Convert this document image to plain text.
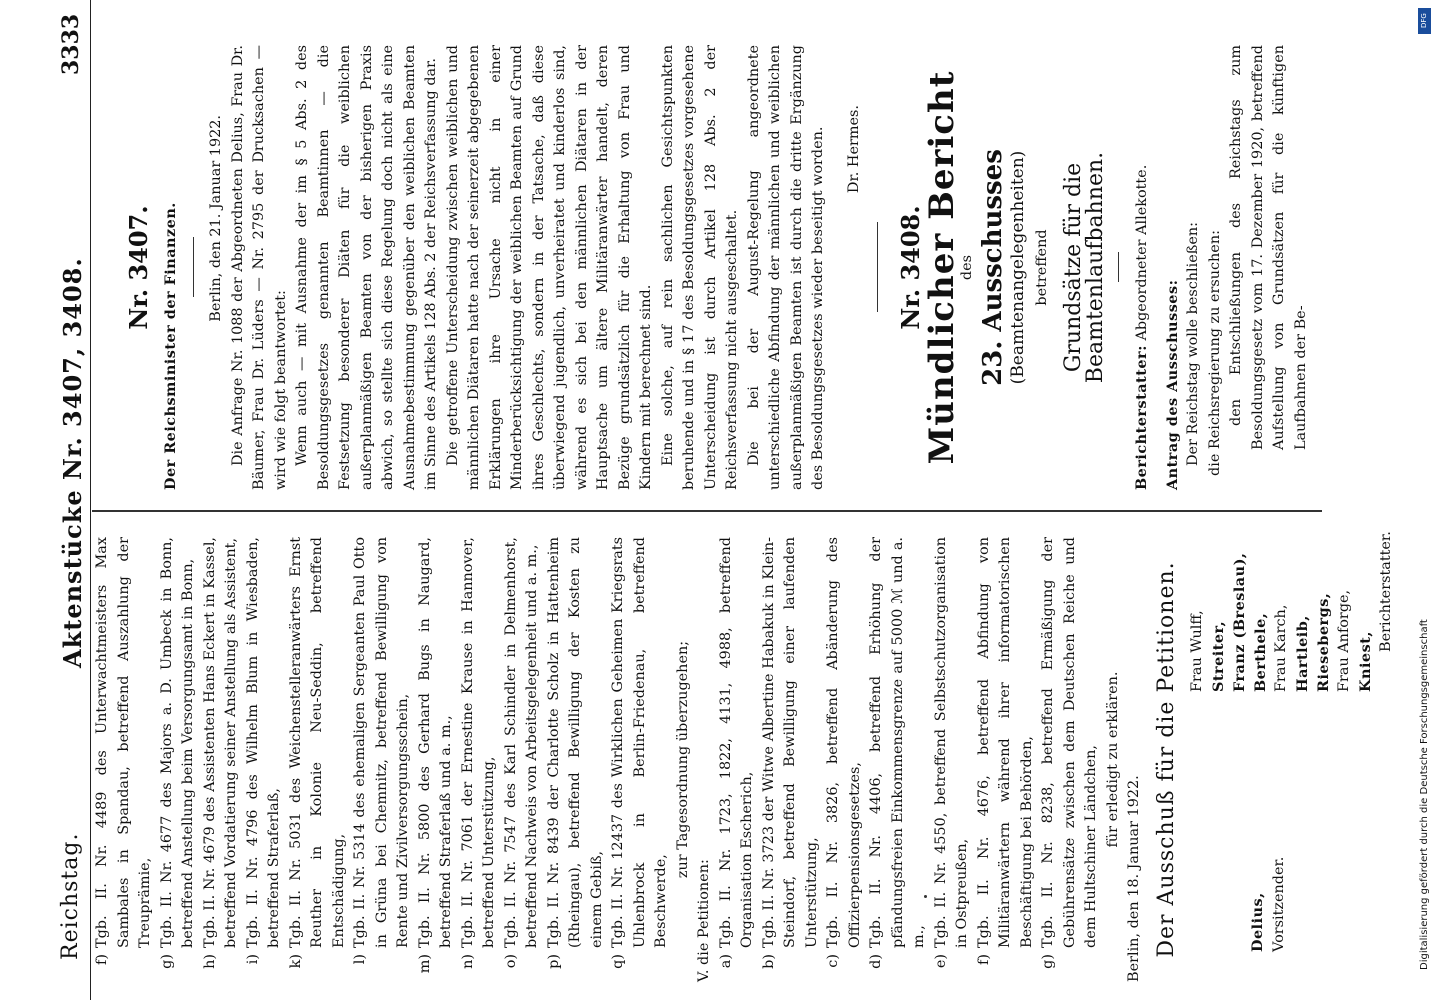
Reichstag.
Aktenstücke Nr. 3407, 3408.
3333
f)
Tgb. II. Nr. 4489 des Unterwachtmeisters Max Sambales in Spandau, betreffend Auszahlung der Treuprämie,
g)
Tgb. II. Nr. 4677 des Majors a. D. Umbeck in Bonn, betreffend Anstellung beim Versorgungsamt in Bonn,
h)
Tgb. II. Nr. 4679 des Assistenten Hans Eckert in Kassel, betreffend Vordatierung seiner Anstellung als Assistent,
i)
Tgb. II. Nr. 4796 des Wilhelm Blum in Wiesbaden, betreffend Straferlaß,
k)
Tgb. II. Nr. 5031 des Weichenstelleranwärters Ernst Reuther in Kolonie Neu-Seddin, betreffend Entschädigung,
l)
Tgb. II. Nr. 5314 des ehemaligen Sergeanten Paul Otto in Grüna bei Chemnitz, betreffend Bewilligung von Rente und Zivilversorgungsschein,
m)
Tgb. II. Nr. 5800 des Gerhard Bugs in Naugard, betreffend Straferlaß und a. m.,
n)
Tgb. II. Nr. 7061 der Ernestine Krause in Hannover, betreffend Unterstützung,
o)
Tgb. II. Nr. 7547 des Karl Schindler in Delmenhorst, betreffend Nachweis von Arbeitsgelegenheit und a. m.,
p)
Tgb. II. Nr. 8439 der Charlotte Scholz in Hattenheim (Rheingau), betreffend Bewilligung der Kosten zu einem Gebiß,
q)
Tgb. II. Nr. 12437 des Wirklichen Geheimen Kriegsrats Uhlenbrock in Berlin-Friedenau, betreffend Beschwerde,

zur Tagesordnung überzugehen;

V. die Petitionen: a)
Tgb. II. Nr. 1723, 1822, 4131, 4988, betreffend Organisation Escherich,
b)
Tgb. II. Nr. 3723 der Witwe Albertine Habakuk in Klein-Steindorf, betreffend Bewilligung einer laufenden Unterstützung,
c)
Tgb. II. Nr. 3826, betreffend Abänderung des Offizierpensionsgesetzes,
d)
Tgb. II. Nr. 4406, betreffend Erhöhung der pfändungsfreien Einkommensgrenze auf 5000 ℳ und a. m.,
e)
Tgb. II. Nr. 4550, betreffend Selbstschutzorganisation in Ostpreußen,
f)
Tgb. II. Nr. 4676, betreffend Abfindung von Militäranwärtern während ihrer informatorischen Beschäftigung bei Behörden,
g)
Tgb. II. Nr. 8238, betreffend Ermäßigung der Gebührensätze zwischen dem Deutschen Reiche und dem Hultschiner Ländchen, für erledigt zu erklären.

Berlin, den 18. Januar 1922. Der Ausschuß für die Petitionen. Frau Wulff, Streiter, Franz (Breslau), Berthele, Frau Karch, Hartleib, Riesebergs, Frau Anforge, Kniest,
Berichterstatter.
Delius, Vorsitzender.

Nr. 3407. Der Reichsminister der Finanzen. Berlin, den 21. Januar 1922. Die Anfrage Nr. 1088 der Abgeordneten Delius, Frau Dr. Bäumer, Frau Dr. Lüders — Nr. 2795 der Drucksachen — wird wie folgt beantwortet: Wenn auch — mit Ausnahme der im § 5 Abs. 2 des Besoldungsgesetzes genannten Beamtinnen — die Festsetzung besonderer Diäten für die weiblichen außerplanmäßigen Beamten von der bisherigen Praxis abwich, so stellte sich diese Regelung doch nicht als eine Ausnahmebestimmung gegenüber den weiblichen Beamten im Sinne des Artikels 128 Abs. 2 der Reichsverfassung dar. Die getroffene Unterscheidung zwischen weiblichen und männlichen Diätaren hatte nach der seinerzeit abgegebenen Erklärungen ihre Ursache nicht in einer Minderberücksichtigung der weiblichen Beamten auf Grund ihres Geschlechts, sondern in der Tatsache, daß diese überwiegend jugendlich, unverheiratet und kinderlos sind, während es sich bei den männlichen Diätaren in der Hauptsache um ältere Militäranwärter handelt, deren Bezüge grundsätzlich für die Erhaltung von Frau und Kindern mit berechnet sind. Eine solche, auf rein sachlichen Gesichtspunkten beruhende und in § 17 des Besoldungsgesetzes vorgesehene Unterscheidung ist durch Artikel 128 Abs. 2 der Reichsverfassung nicht ausgeschaltet. Die bei der August-Regelung angeordnete unterschiedliche Abfindung der männlichen und weiblichen außerplanmäßigen Beamten ist durch die dritte Ergänzung des Besoldungsgesetzes wieder beseitigt worden. Dr. Hermes.

Nr. 3408.

Mündlicher Bericht

des 23. Ausschusses (Beamtenangelegenheiten) betreffend Grundsätze für die Beamtenlaufbahnen.

Berichterstatter: Abgeordneter Allekotte.

Antrag des Ausschusses: Der Reichstag wolle beschließen: die Reichsregierung zu ersuchen: den Entschließungen des Reichstags zum Besoldungsgesetz vom 17. Dezember 1920, betreffend Aufstellung von Grundsätzen für die künftigen Laufbahnen der Be-

Digitalisierung gefördert durch die Deutsche Forschungsgemeinschaft
DFG
